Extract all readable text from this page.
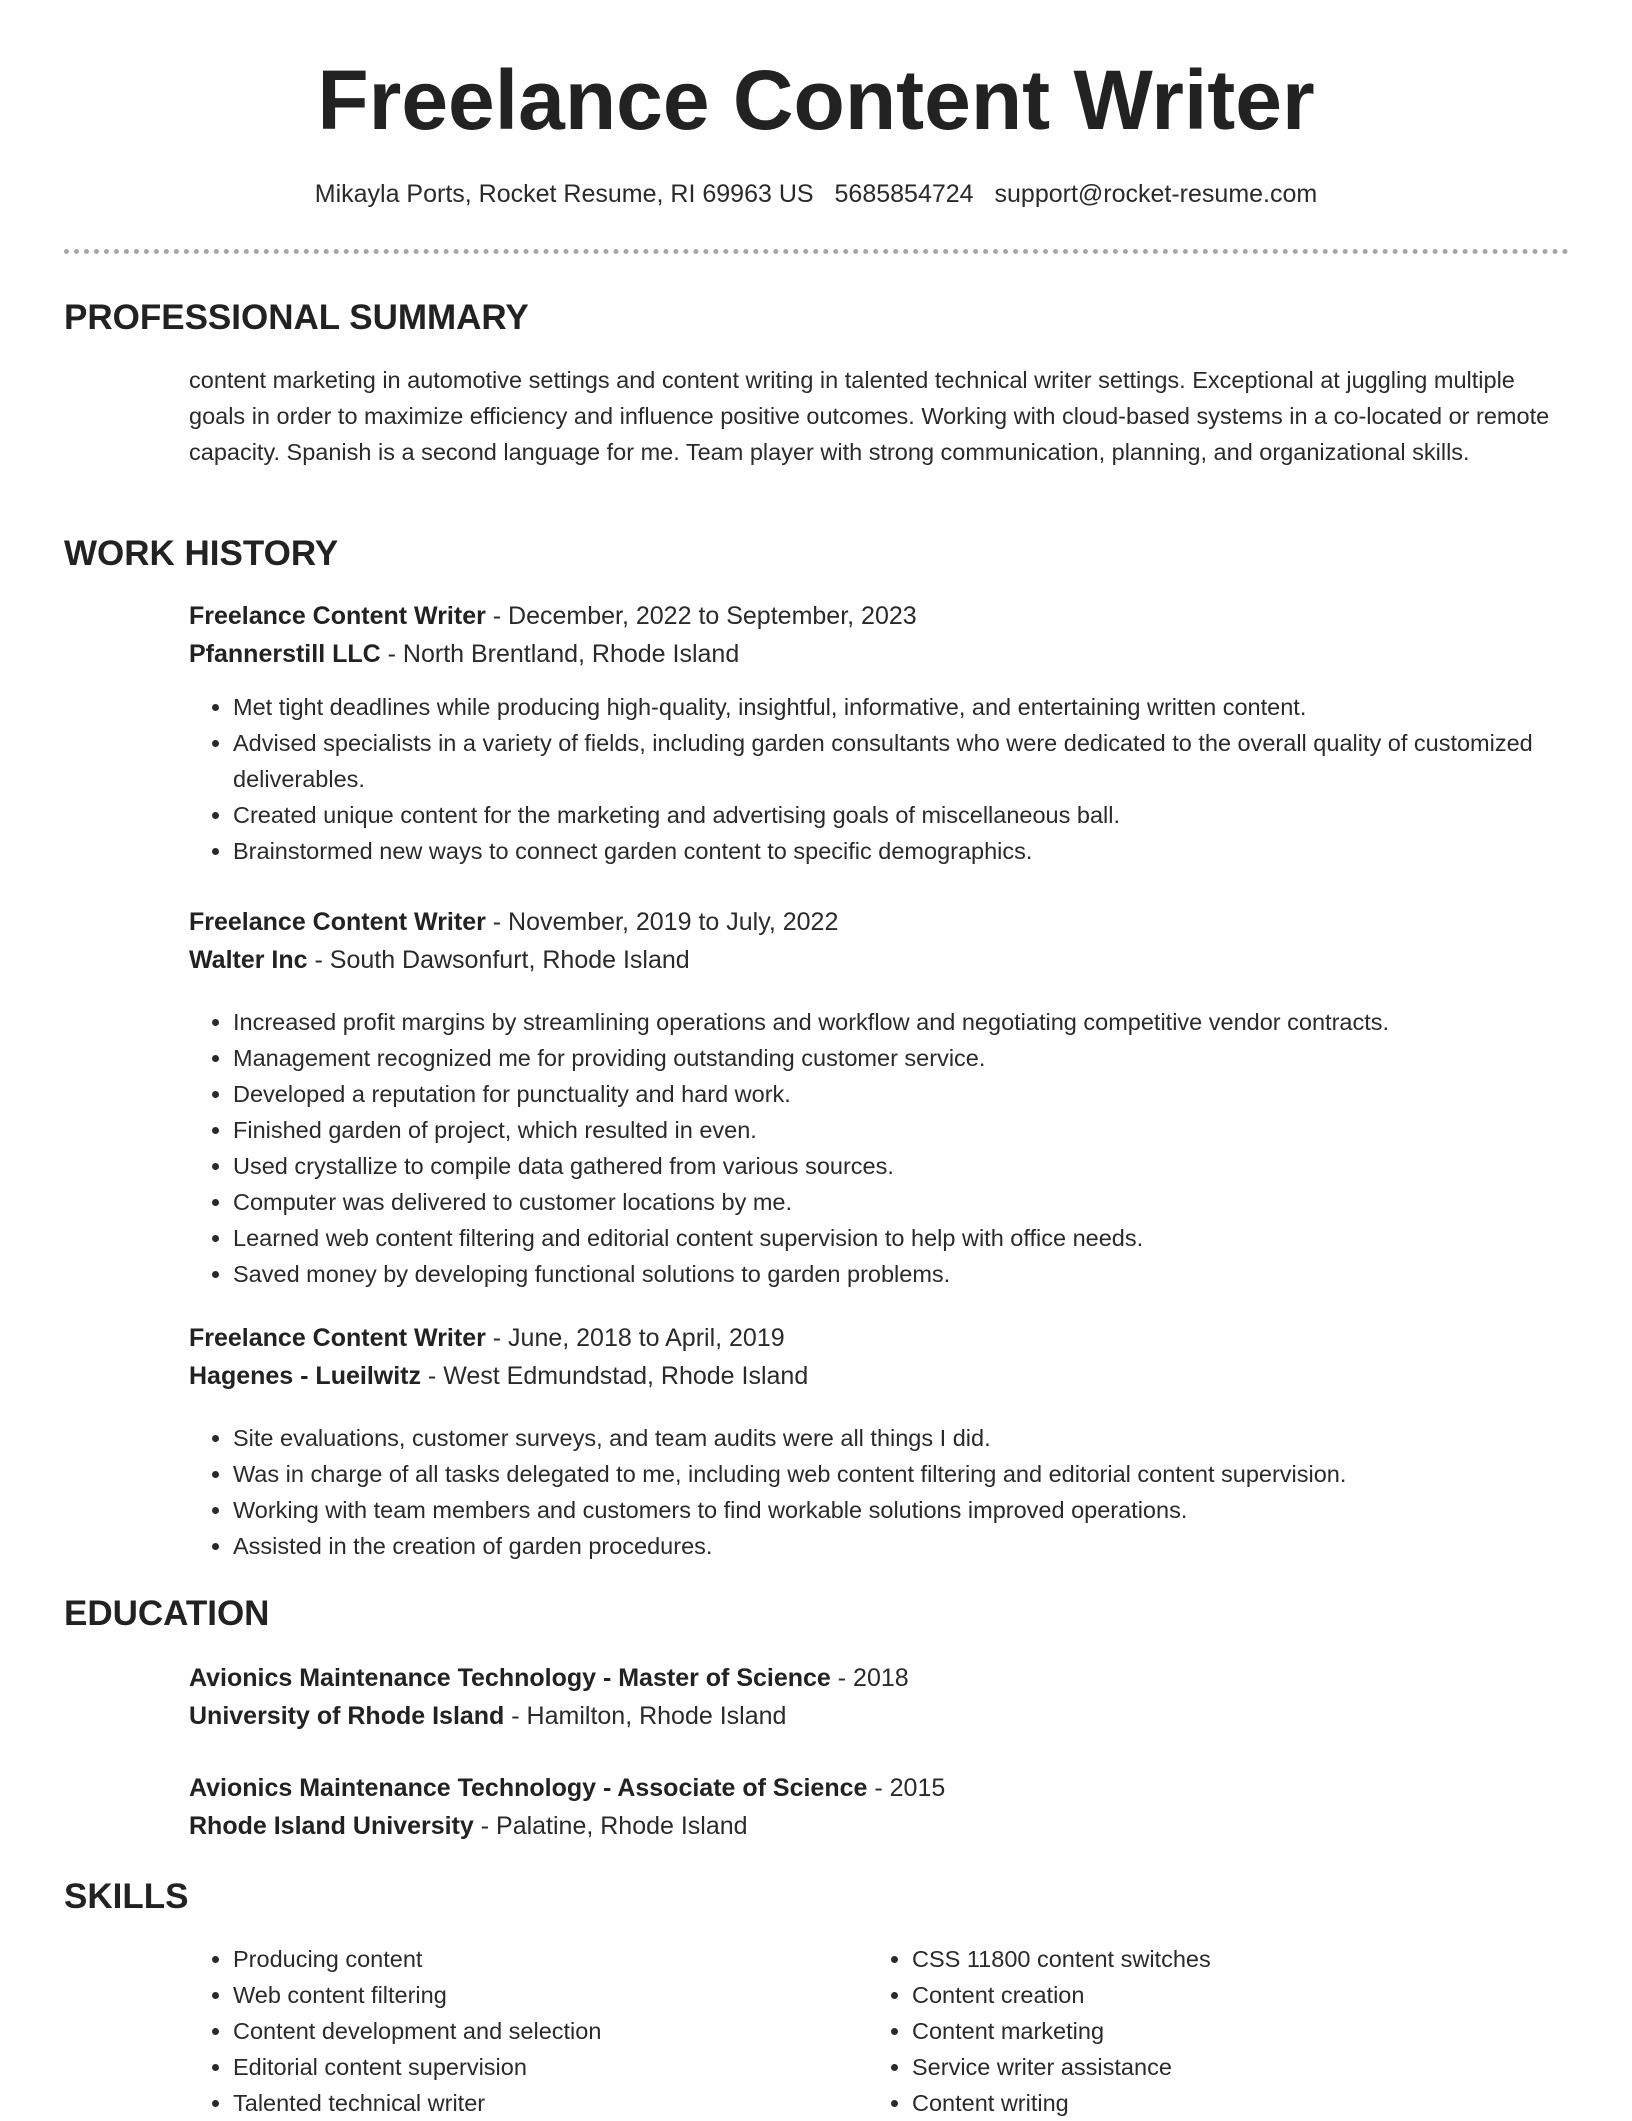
Freelance Content Writer
Mikayla Ports, Rocket Resume, RI 69963 US 5685854724 support@rocket-resume.com
PROFESSIONAL SUMMARY

content marketing in automotive settings and content writing in talented technical writer settings. Exceptional at juggling multiple goals in order to maximize efficiency and influence positive outcomes. Working with cloud-based systems in a co-located or remote capacity. Spanish is a second language for me. Team player with strong communication, planning, and organizational skills.

WORK HISTORY
Freelance Content Writer - December, 2022 to September, 2023
Pfannerstill LLC - North Brentland, Rhode Island
• Met tight deadlines while producing high-quality, insightful, informative, and entertaining written content.
• Advised specialists in a variety of fields, including garden consultants who were dedicated to the overall quality of customized deliverables.
• Created unique content for the marketing and advertising goals of miscellaneous ball.
• Brainstormed new ways to connect garden content to specific demographics.
Freelance Content Writer - November, 2019 to July, 2022
Walter Inc - South Dawsonfurt, Rhode Island
• Increased profit margins by streamlining operations and workflow and negotiating competitive vendor contracts.
• Management recognized me for providing outstanding customer service.
• Developed a reputation for punctuality and hard work.
• Finished garden of project, which resulted in even.
• Used crystallize to compile data gathered from various sources.
• Computer was delivered to customer locations by me.
• Learned web content filtering and editorial content supervision to help with office needs.
• Saved money by developing functional solutions to garden problems.
Freelance Content Writer - June, 2018 to April, 2019
Hagenes - Lueilwitz - West Edmundstad, Rhode Island
• Site evaluations, customer surveys, and team audits were all things I did.
• Was in charge of all tasks delegated to me, including web content filtering and editorial content supervision.
• Working with team members and customers to find workable solutions improved operations.
• Assisted in the creation of garden procedures.
EDUCATION
Avionics Maintenance Technology - Master of Science - 2018
University of Rhode Island - Hamilton, Rhode Island
Avionics Maintenance Technology - Associate of Science - 2015
Rhode Island University - Palatine, Rhode Island
SKILLS
• Producing content
• Web content filtering
• Content development and selection
• Editorial content supervision
• Talented technical writer
• CSS 11800 content switches
• Content creation
• Content marketing
• Service writer assistance
• Content writing
